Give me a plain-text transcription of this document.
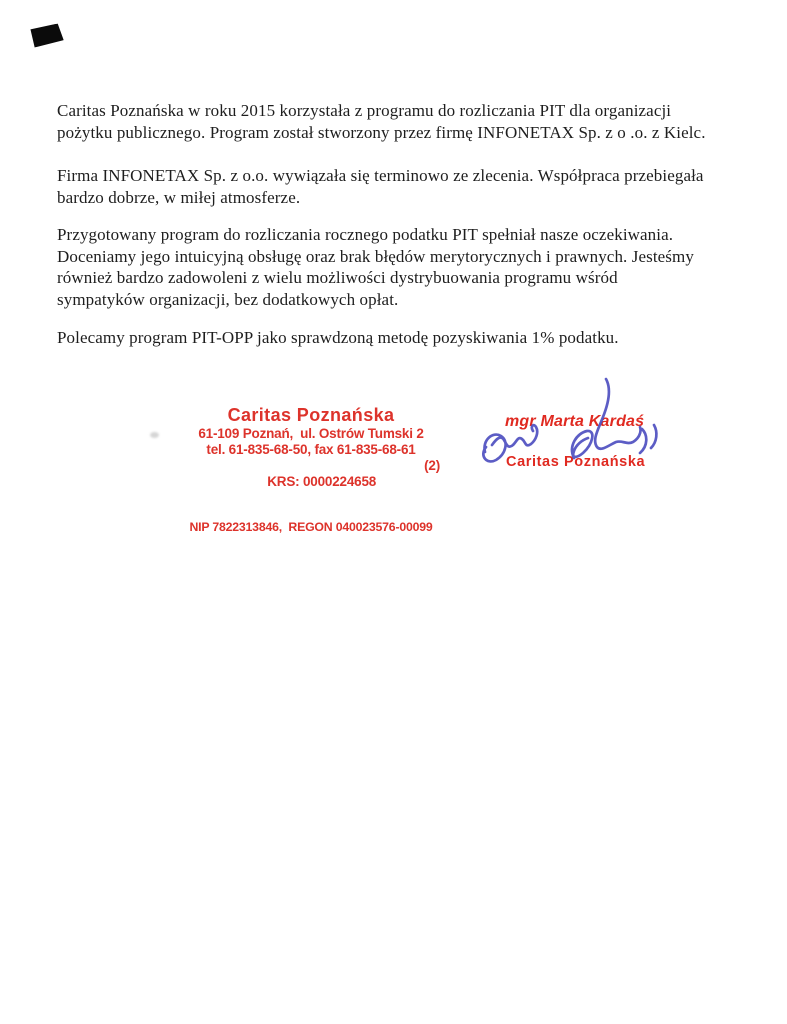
Caritas Poznańska w roku 2015 korzystała z programu do rozliczania PIT dla organizacji
pożytku publicznego. Program został stworzony przez firmę INFONETAX Sp. z o .o. z Kielc.
Firma INFONETAX Sp. z o.o. wywiązała się terminowo ze zlecenia. Współpraca przebiegała
bardzo dobrze, w miłej atmosferze.
Przygotowany program do rozliczania rocznego podatku PIT spełniał nasze oczekiwania.
Doceniamy jego intuicyjną obsługę oraz brak błędów merytorycznych i prawnych. Jesteśmy
również bardzo zadowoleni z wielu możliwości dystrybuowania programu wśród
sympatyków organizacji, bez dodatkowych opłat.
Polecamy program PIT-OPP jako sprawdzoną metodę pozyskiwania 1% podatku.
Caritas Poznańska
61-109 Poznań,  ul. Ostrów Tumski 2
tel. 61-835-68-50, fax 61-835-68-61

KRS: 0000224658

(2)

NIP 7822313846,  REGON 040023576-00099
mgr Marta Kardaś
Caritas Poznańska
